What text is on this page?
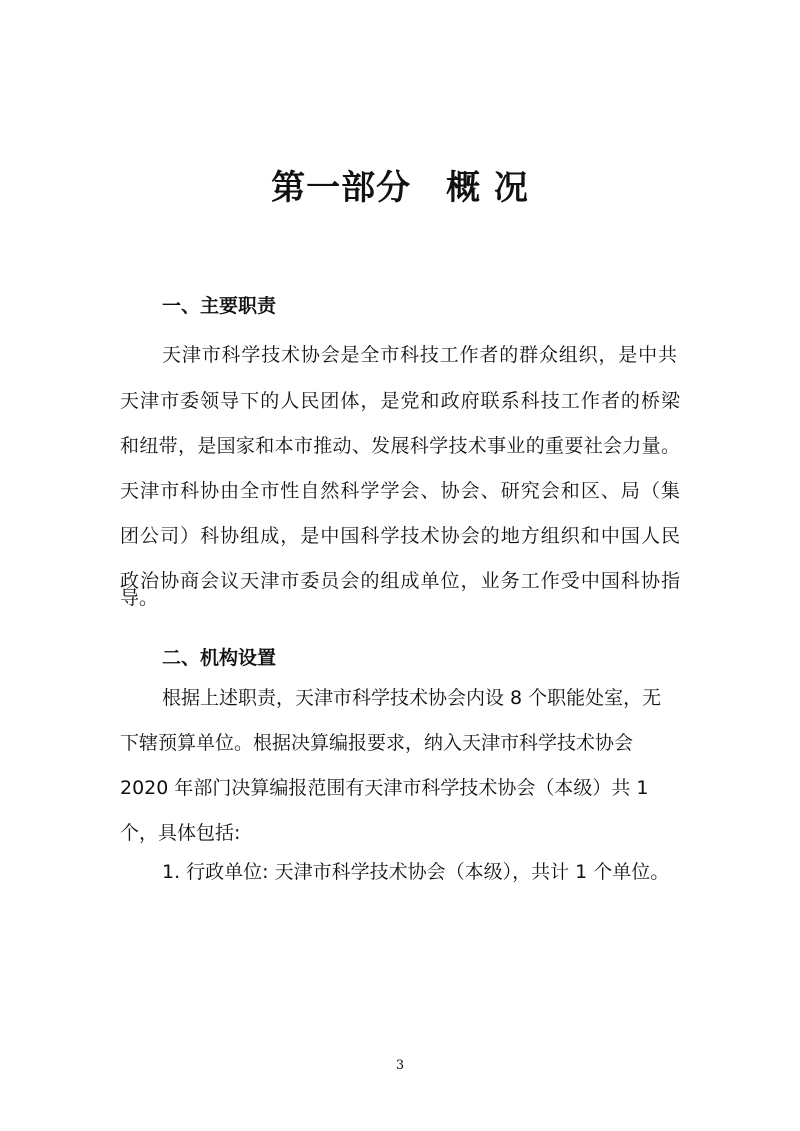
第一部分　概 况
一、主要职责
天津市科学技术协会是全市科技工作者的群众组织，是中共
天津市委领导下的人民团体，是党和政府联系科技工作者的桥梁
和纽带，是国家和本市推动、发展科学技术事业的重要社会力量。
天津市科协由全市性自然科学学会、协会、研究会和区、局（集
团公司）科协组成，是中国科学技术协会的地方组织和中国人民
政治协商会议天津市委员会的组成单位，业务工作受中国科协指
导。
二、机构设置
根据上述职责，天津市科学技术协会内设 8 个职能处室，无
下辖预算单位。根据决算编报要求，纳入天津市科学技术协会
2020 年部门决算编报范围有天津市科学技术协会（本级）共 1
个，具体包括:
1. 行政单位: 天津市科学技术协会（本级），共计 1 个单位。
3
